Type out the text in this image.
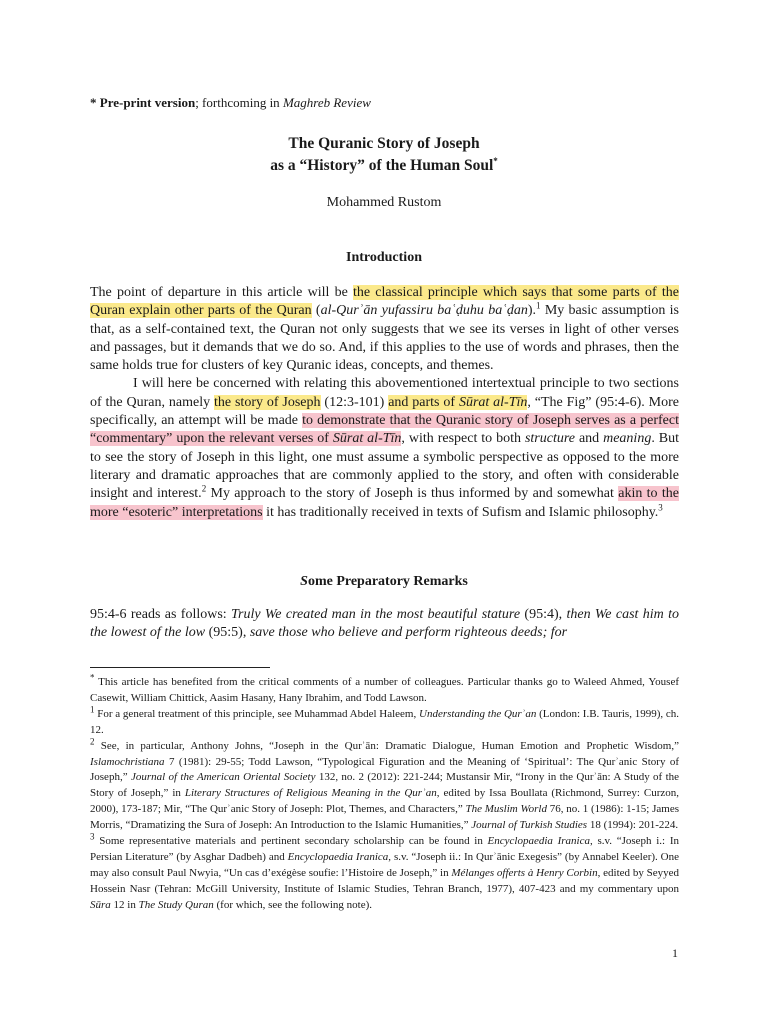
* Pre-print version; forthcoming in Maghreb Review
The Quranic Story of Joseph
as a “History” of the Human Soul*
Mohammed Rustom
Introduction

The point of departure in this article will be the classical principle which says that some parts of the Quran explain other parts of the Quran (al-Qurʾān yufassiru baʿḍuhu baʿḍan).$^1$ My basic assumption is that, as a self-contained text, the Quran not only suggests that we see its verses in light of other verses and passages, but it demands that we do so. And, if this applies to the use of words and phrases, then the same holds true for clusters of key Quranic ideas, concepts, and themes.

I will here be concerned with relating this abovementioned intertextual principle to two sections of the Quran, namely the story of Joseph (12:3-101) and parts of Sūrat al-Tīn, “The Fig” (95:4-6). More specifically, an attempt will be made to demonstrate that the Quranic story of Joseph serves as a perfect “commentary” upon the relevant verses of Sūrat al-Tīn, with respect to both structure and meaning. But to see the story of Joseph in this light, one must assume a symbolic perspective as opposed to the more literary and dramatic approaches that are commonly applied to the story, and often with considerable insight and interest.$^2$ My approach to the story of Joseph is thus informed by and somewhat akin to the more “esoteric” interpretations it has traditionally received in texts of Sufism and Islamic philosophy.$^3$

Some Preparatory Remarks

95:4-6 reads as follows: Truly We created man in the most beautiful stature (95:4), then We cast him to the lowest of the low (95:5), save those who believe and perform righteous deeds; for

* This article has benefited from the critical comments of a number of colleagues. Particular thanks go to Waleed Ahmed, Yousef Casewit, William Chittick, Aasim Hasany, Hany Ibrahim, and Todd Lawson.

$^1$ For a general treatment of this principle, see Muhammad Abdel Haleem, Understanding the Qurʾan (London: I.B. Tauris, 1999), ch. 12.

$^2$ See, in particular, Anthony Johns, “Joseph in the Qurʾān: Dramatic Dialogue, Human Emotion and Prophetic Wisdom,” Islamochristiana 7 (1981): 29-55; Todd Lawson, “Typological Figuration and the Meaning of ‘Spiritual’: The Qurʾanic Story of Joseph,” Journal of the American Oriental Society 132, no. 2 (2012): 221-244; Mustansir Mir, “Irony in the Qurʾān: A Study of the Story of Joseph,” in Literary Structures of Religious Meaning in the Qurʾan, edited by Issa Boullata (Richmond, Surrey: Curzon, 2000), 173-187; Mir, “The Qurʾanic Story of Joseph: Plot, Themes, and Characters,” The Muslim World 76, no. 1 (1986): 1-15; James Morris, “Dramatizing the Sura of Joseph: An Introduction to the Islamic Humanities,” Journal of Turkish Studies 18 (1994): 201-224.

$^3$ Some representative materials and pertinent secondary scholarship can be found in Encyclopaedia Iranica, s.v. “Joseph i.: In Persian Literature” (by Asghar Dadbeh) and Encyclopaedia Iranica, s.v. “Joseph ii.: In Qurʾānic Exegesis” (by Annabel Keeler). One may also consult Paul Nwyia, “Un cas d’exégèse soufie: l’Histoire de Joseph,” in Mélanges offerts à Henry Corbin, edited by Seyyed Hossein Nasr (Tehran: McGill University, Institute of Islamic Studies, Tehran Branch, 1977), 407-423 and my commentary upon Sūra 12 in The Study Quran (for which, see the following note).

1
